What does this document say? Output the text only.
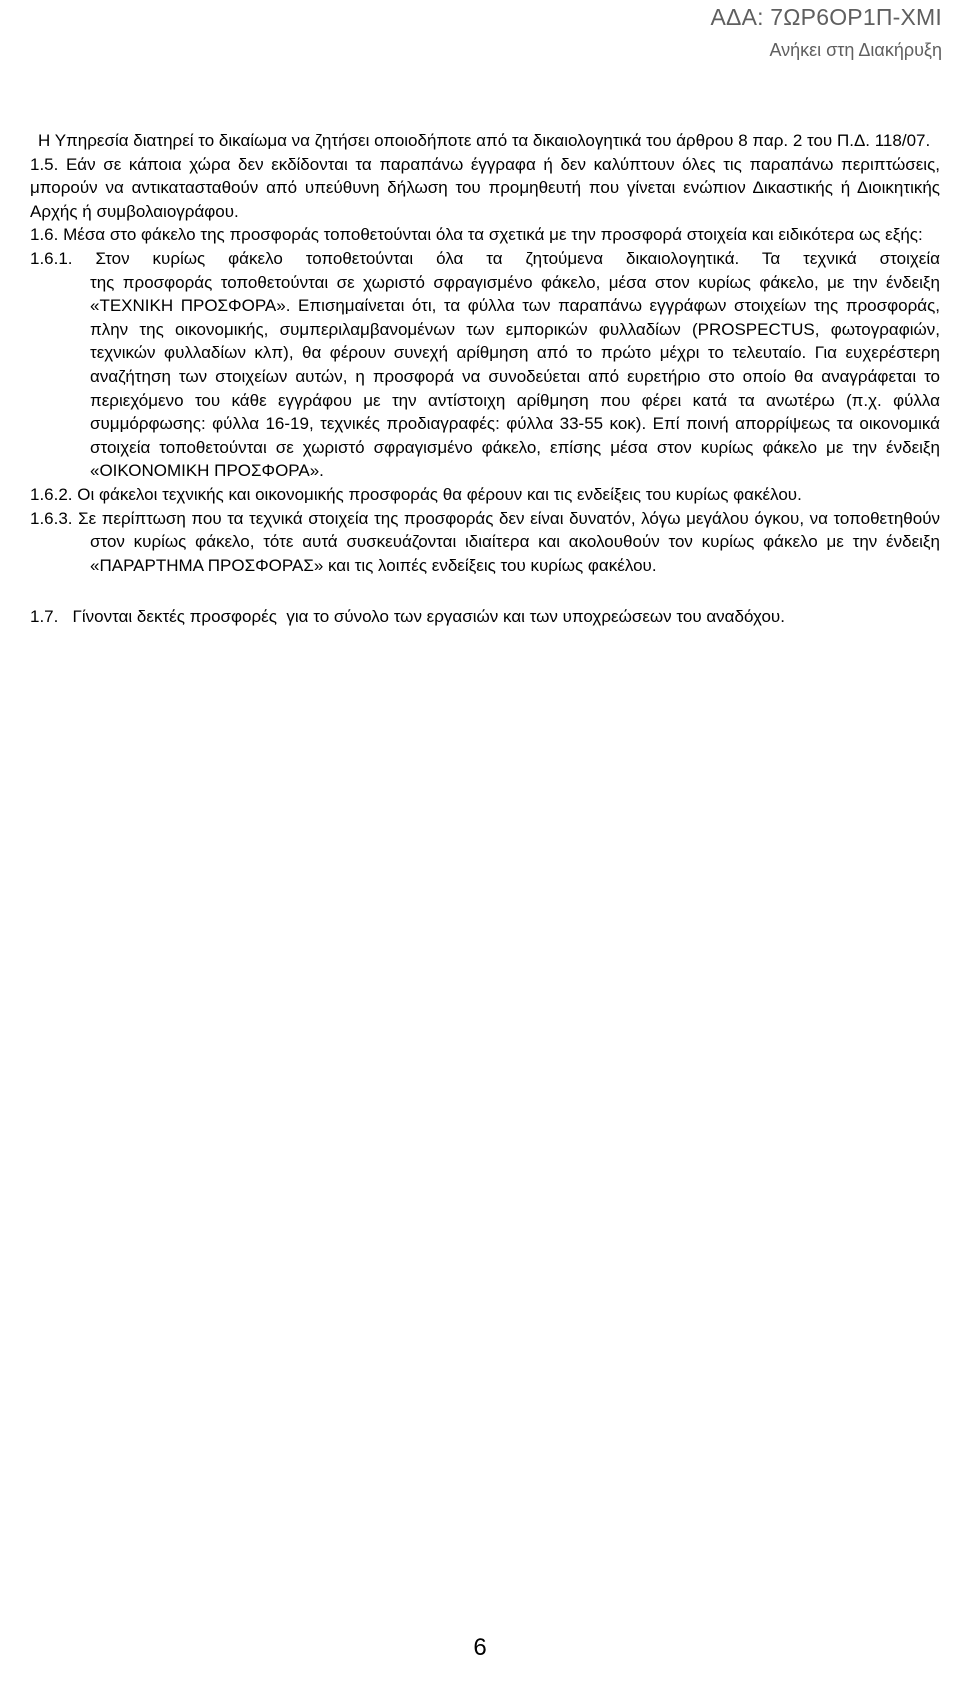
ΑΔΑ: 7ΩΡ6ΟΡ1Π-ΧΜΙ
Ανήκει στη Διακήρυξη

Η Υπηρεσία διατηρεί το δικαίωμα να ζητήσει οποιοδήποτε από τα δικαιολογητικά του άρθρου 8 παρ. 2 του Π.Δ. 118/07.

1.5. Εάν σε κάποια χώρα δεν εκδίδονται τα παραπάνω έγγραφα ή δεν καλύπτουν όλες τις παραπάνω περιπτώσεις, μπορούν να αντικατασταθούν από υπεύθυνη δήλωση του προμηθευτή που γίνεται ενώπιον Δικαστικής ή Διοικητικής Αρχής ή συμβολαιογράφου.

1.6. Μέσα στο φάκελο της προσφοράς τοποθετούνται όλα τα σχετικά με την προσφορά στοιχεία και ειδικότερα ως εξής:

1.6.1. Στον κυρίως φάκελο τοποθετούνται όλα τα ζητούμενα δικαιολογητικά. Τα τεχνικά στοιχεία

της προσφοράς τοποθετούνται σε χωριστό σφραγισμένο φάκελο, μέσα στον κυρίως φάκελο, με την ένδειξη «ΤΕΧΝΙΚΗ ΠΡΟΣΦΟΡΑ». Επισημαίνεται ότι, τα φύλλα των παραπάνω εγγράφων στοιχείων της προσφοράς, πλην της οικονομικής, συμπεριλαμβανομένων των εμπορικών φυλλαδίων (PROSPECTUS, φωτογραφιών, τεχνικών φυλλαδίων κλπ), θα φέρουν συνεχή αρίθμηση από το πρώτο μέχρι το τελευταίο. Για ευχερέστερη αναζήτηση των στοιχείων αυτών, η προσφορά να συνοδεύεται από ευρετήριο στο οποίο θα αναγράφεται το περιεχόμενο του κάθε εγγράφου με την αντίστοιχη αρίθμηση που φέρει κατά τα ανωτέρω (π.χ. φύλλα συμμόρφωσης: φύλλα 16-19, τεχνικές προδιαγραφές: φύλλα 33-55 κοκ). Επί ποινή απορρίψεως τα οικονομικά στοιχεία τοποθετούνται σε χωριστό σφραγισμένο φάκελο, επίσης μέσα στον κυρίως φάκελο με την ένδειξη «ΟΙΚΟΝΟΜΙΚΗ ΠΡΟΣΦΟΡΑ».

1.6.2. Οι φάκελοι τεχνικής και οικονομικής προσφοράς θα φέρουν και τις ενδείξεις του κυρίως φακέλου.

1.6.3. Σε περίπτωση που τα τεχνικά στοιχεία της προσφοράς δεν είναι δυνατόν, λόγω μεγάλου όγκου, να τοποθετηθούν στον κυρίως φάκελο, τότε αυτά συσκευάζονται ιδιαίτερα και ακολουθούν τον κυρίως φάκελο με την ένδειξη «ΠΑΡΑΡΤΗΜΑ ΠΡΟΣΦΟΡΑΣ» και τις λοιπές ενδείξεις του κυρίως φακέλου.

1.7.   Γίνονται δεκτές προσφορές  για το σύνολο των εργασιών και των υποχρεώσεων του αναδόχου.

6
